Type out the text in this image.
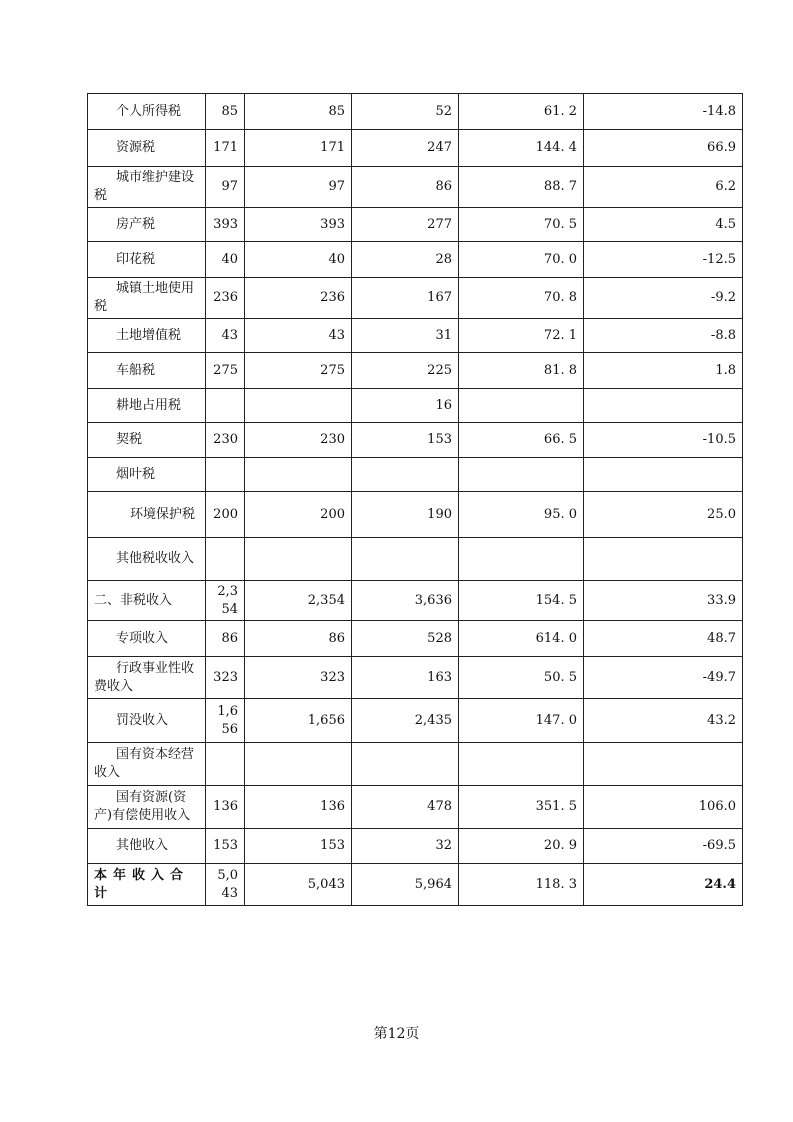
个人所得税	85	85	52	61. 2	-14.8
资源税	171	171	247	144. 4	66.9

城市维护建设税	97	97	86	88. 7	6.2
房产税	393	393	277	70. 5	4.5
印花税	40	40	28	70. 0	-12.5

城镇土地使用税	236	236	167	70. 8	-9.2
土地增值税	43	43	31	72. 1	-8.8
车船税	275	275	225	81. 8	1.8
耕地占用税			16		
契税	230	230	153	66. 5	-10.5
烟叶税					

环境保护税	200	200	190	95. 0	25.0

其他税收收入					

二、非税收入	2,354	2,354	3,636	154. 5	33.9
专项收入	86	86	528	614. 0	48.7

行政事业性收费收入	323	323	163	50. 5	-49.7
罚没收入	1,656	1,656	2,435	147. 0	43.2

国有资本经营收入					

国有资源(资产)有偿使用收入	136	136	478	351. 5	106.0
其他收入	153	153	32	20. 9	-69.5
本年收入合计	5,043	5,043	5,964	118. 3	24.4
第12页
